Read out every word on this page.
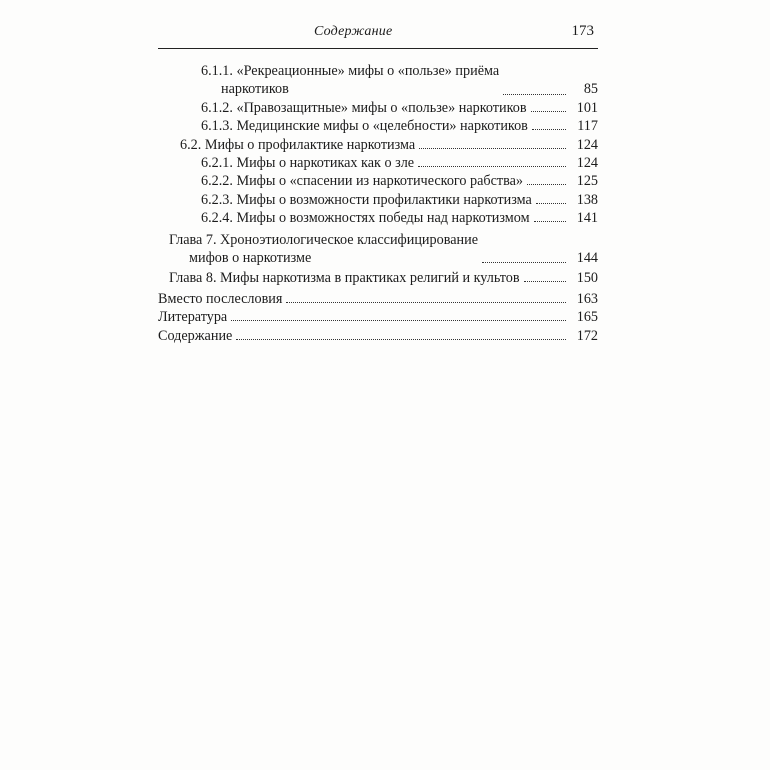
Содержание	173
6.1.1. «Рекреационные» мифы о «пользе» приёма
наркотиков	85
6.1.2. «Правозащитные» мифы о «пользе» наркотиков	101
6.1.3. Медицинские мифы о «целебности» наркотиков	117
6.2. Мифы о профилактике наркотизма	124
6.2.1. Мифы о наркотиках как о зле	124
6.2.2. Мифы о «спасении из наркотического рабства»	125
6.2.3. Мифы о возможности профилактики наркотизма	138
6.2.4. Мифы о возможностях победы над наркотизмом	141
Глава 7. Хроноэтиологическое классифицирование
мифов о наркотизме	144
Глава 8. Мифы наркотизма в практиках религий и культов	150
Вместо послесловия	163
Литература	165
Содержание	172
